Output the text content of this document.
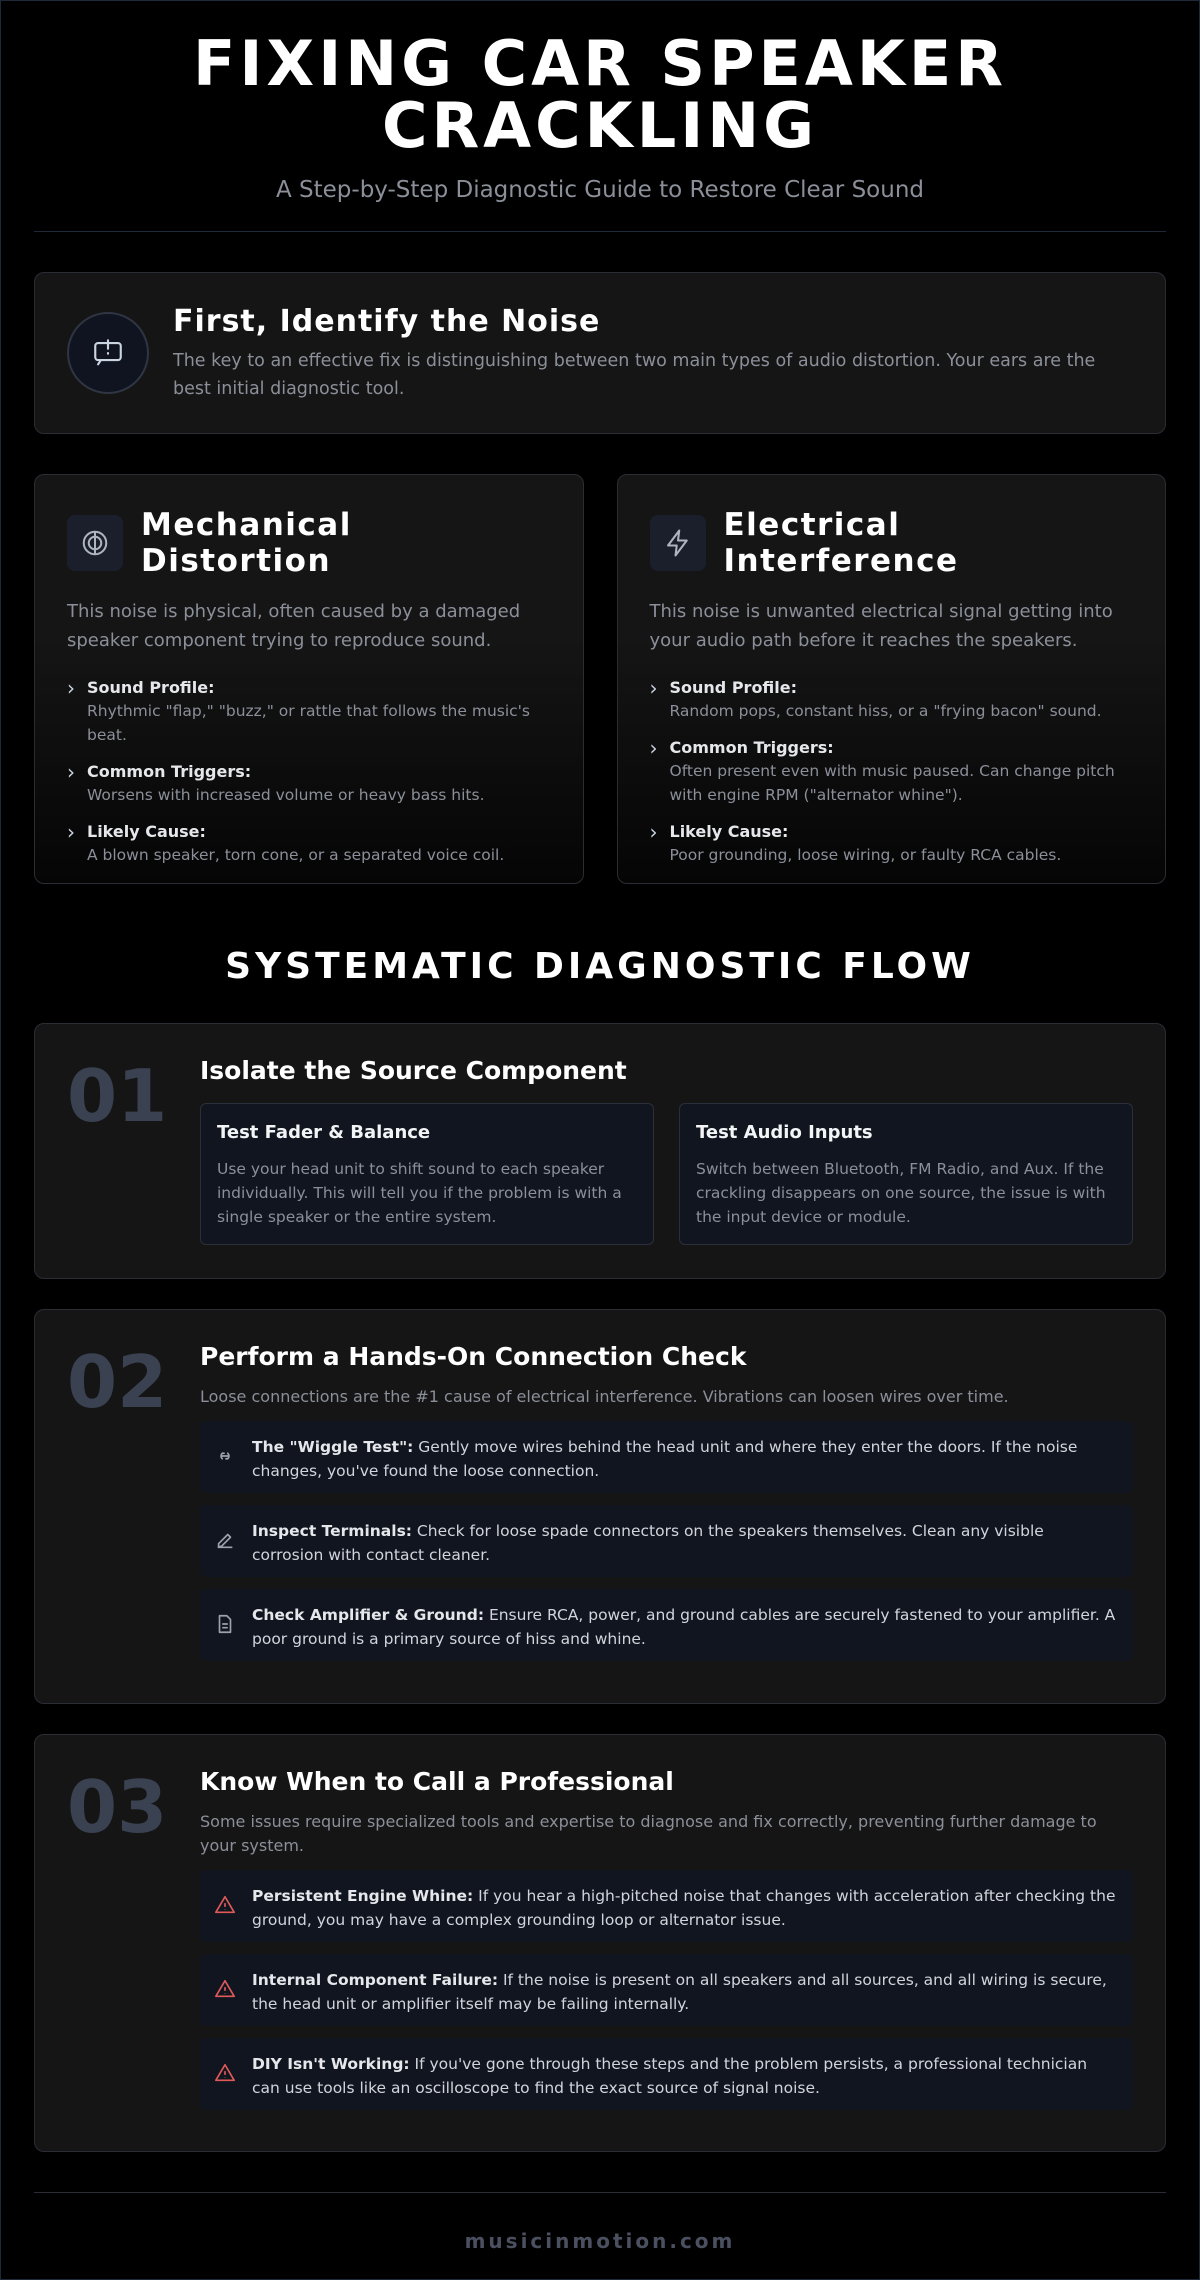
FIXING CAR SPEAKER
CRACKLING
A Step-by-Step Diagnostic Guide to Restore Clear Sound
First, Identify the Noise

The key to an effective fix is distinguishing between two main types of audio distortion. Your ears are the best initial diagnostic tool.

Mechanical Distortion

This noise is physical, often caused by a damaged speaker component trying to reproduce sound.

› Sound Profile:
Rhythmic "flap," "buzz," or rattle that follows the music's beat.
› Common Triggers:
Worsens with increased volume or heavy bass hits.
› Likely Cause:
A blown speaker, torn cone, or a separated voice coil.
Electrical Interference

This noise is unwanted electrical signal getting into your audio path before it reaches the speakers.

› Sound Profile:
Random pops, constant hiss, or a "frying bacon" sound.
› Common Triggers:
Often present even with music paused. Can change pitch with engine RPM ("alternator whine").
› Likely Cause:
Poor grounding, loose wiring, or faulty RCA cables.
SYSTEMATIC DIAGNOSTIC FLOW
01 Isolate the Source Component
Test Fader & Balance

Use your head unit to shift sound to each speaker individually. This will tell you if the problem is with a single speaker or the entire system.

Test Audio Inputs

Switch between Bluetooth, FM Radio, and Aux. If the crackling disappears on one source, the issue is with the input device or module.

02 Perform a Hands-On Connection Check

Loose connections are the #1 cause of electrical interference. Vibrations can loosen wires over time.

The "Wiggle Test": Gently move wires behind the head unit and where they enter the doors. If the noise changes, you've found the loose connection.
Inspect Terminals: Check for loose spade connectors on the speakers themselves. Clean any visible corrosion with contact cleaner.
Check Amplifier & Ground: Ensure RCA, power, and ground cables are securely fastened to your amplifier. A poor ground is a primary source of hiss and whine.
03 Know When to Call a Professional

Some issues require specialized tools and expertise to diagnose and fix correctly, preventing further damage to your system.

Persistent Engine Whine: If you hear a high-pitched noise that changes with acceleration after checking the ground, you may have a complex grounding loop or alternator issue.
Internal Component Failure: If the noise is present on all speakers and all sources, and all wiring is secure, the head unit or amplifier itself may be failing internally.
DIY Isn't Working: If you've gone through these steps and the problem persists, a professional technician can use tools like an oscilloscope to find the exact source of signal noise.
musicinmotion.com
